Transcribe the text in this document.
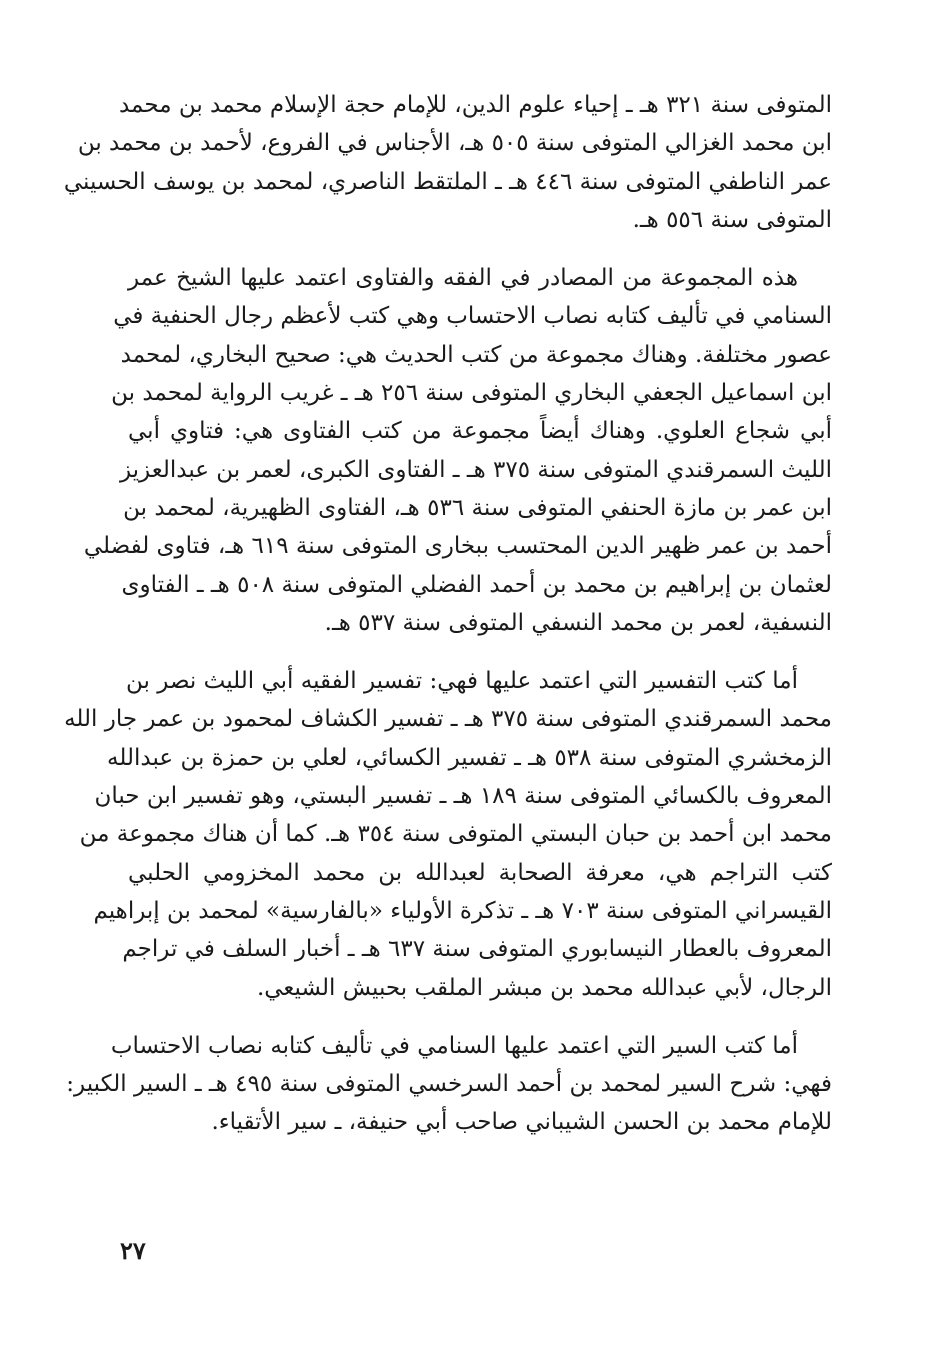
المتوفى سنة ٣٢١ هـ ـ إحياء علوم الدين، للإمام حجة الإسلام محمد بن محمد
ابن محمد الغزالي المتوفى سنة ٥٠٥ هـ، الأجناس في الفروع، لأحمد بن محمد بن
عمر الناطفي المتوفى سنة ٤٤٦ هـ ـ الملتقط الناصري، لمحمد بن يوسف الحسيني
المتوفى سنة ٥٥٦ هـ.

هذه المجموعة من المصادر في الفقه والفتاوى اعتمد عليها الشيخ عمر
السنامي في تأليف كتابه نصاب الاحتساب وهي كتب لأعظم رجال الحنفية في
عصور مختلفة. وهناك مجموعة من كتب الحديث هي: صحيح البخاري، لمحمد
ابن اسماعيل الجعفي البخاري المتوفى سنة ٢٥٦ هـ ـ غريب الرواية لمحمد بن
أبي شجاع العلوي. وهناك أيضاً مجموعة من كتب الفتاوى هي: فتاوي أبي
الليث السمرقندي المتوفى سنة ٣٧٥ هـ ـ الفتاوى الكبرى، لعمر بن عبدالعزيز
ابن عمر بن مازة الحنفي المتوفى سنة ٥٣٦ هـ، الفتاوى الظهيرية، لمحمد بن
أحمد بن عمر ظهير الدين المحتسب ببخارى المتوفى سنة ٦١٩ هـ، فتاوى لفضلي
لعثمان بن إبراهيم بن محمد بن أحمد الفضلي المتوفى سنة ٥٠٨ هـ ـ الفتاوى
النسفية، لعمر بن محمد النسفي المتوفى سنة ٥٣٧ هـ.

أما كتب التفسير التي اعتمد عليها فهي: تفسير الفقيه أبي الليث نصر بن
محمد السمرقندي المتوفى سنة ٣٧٥ هـ ـ تفسير الكشاف لمحمود بن عمر جار الله
الزمخشري المتوفى سنة ٥٣٨ هـ ـ تفسير الكسائي، لعلي بن حمزة بن عبدالله
المعروف بالكسائي المتوفى سنة ١٨٩ هـ ـ تفسير البستي، وهو تفسير ابن حبان
محمد ابن أحمد بن حبان البستي المتوفى سنة ٣٥٤ هـ. كما أن هناك مجموعة من
كتب التراجم هي، معرفة الصحابة لعبدالله بن محمد المخزومي الحلبي
القيسراني المتوفى سنة ٧٠٣ هـ ـ تذكرة الأولياء «بالفارسية» لمحمد بن إبراهيم
المعروف بالعطار النيسابوري المتوفى سنة ٦٣٧ هـ ـ أخبار السلف في تراجم
الرجال، لأبي عبدالله محمد بن مبشر الملقب بحبيش الشيعي.

أما كتب السير التي اعتمد عليها السنامي في تأليف كتابه نصاب الاحتساب
فهي: شرح السير لمحمد بن أحمد السرخسي المتوفى سنة ٤٩٥ هـ ـ السير الكبير:
للإمام محمد بن الحسن الشيباني صاحب أبي حنيفة، ـ سير الأتقياء.

٢٧
